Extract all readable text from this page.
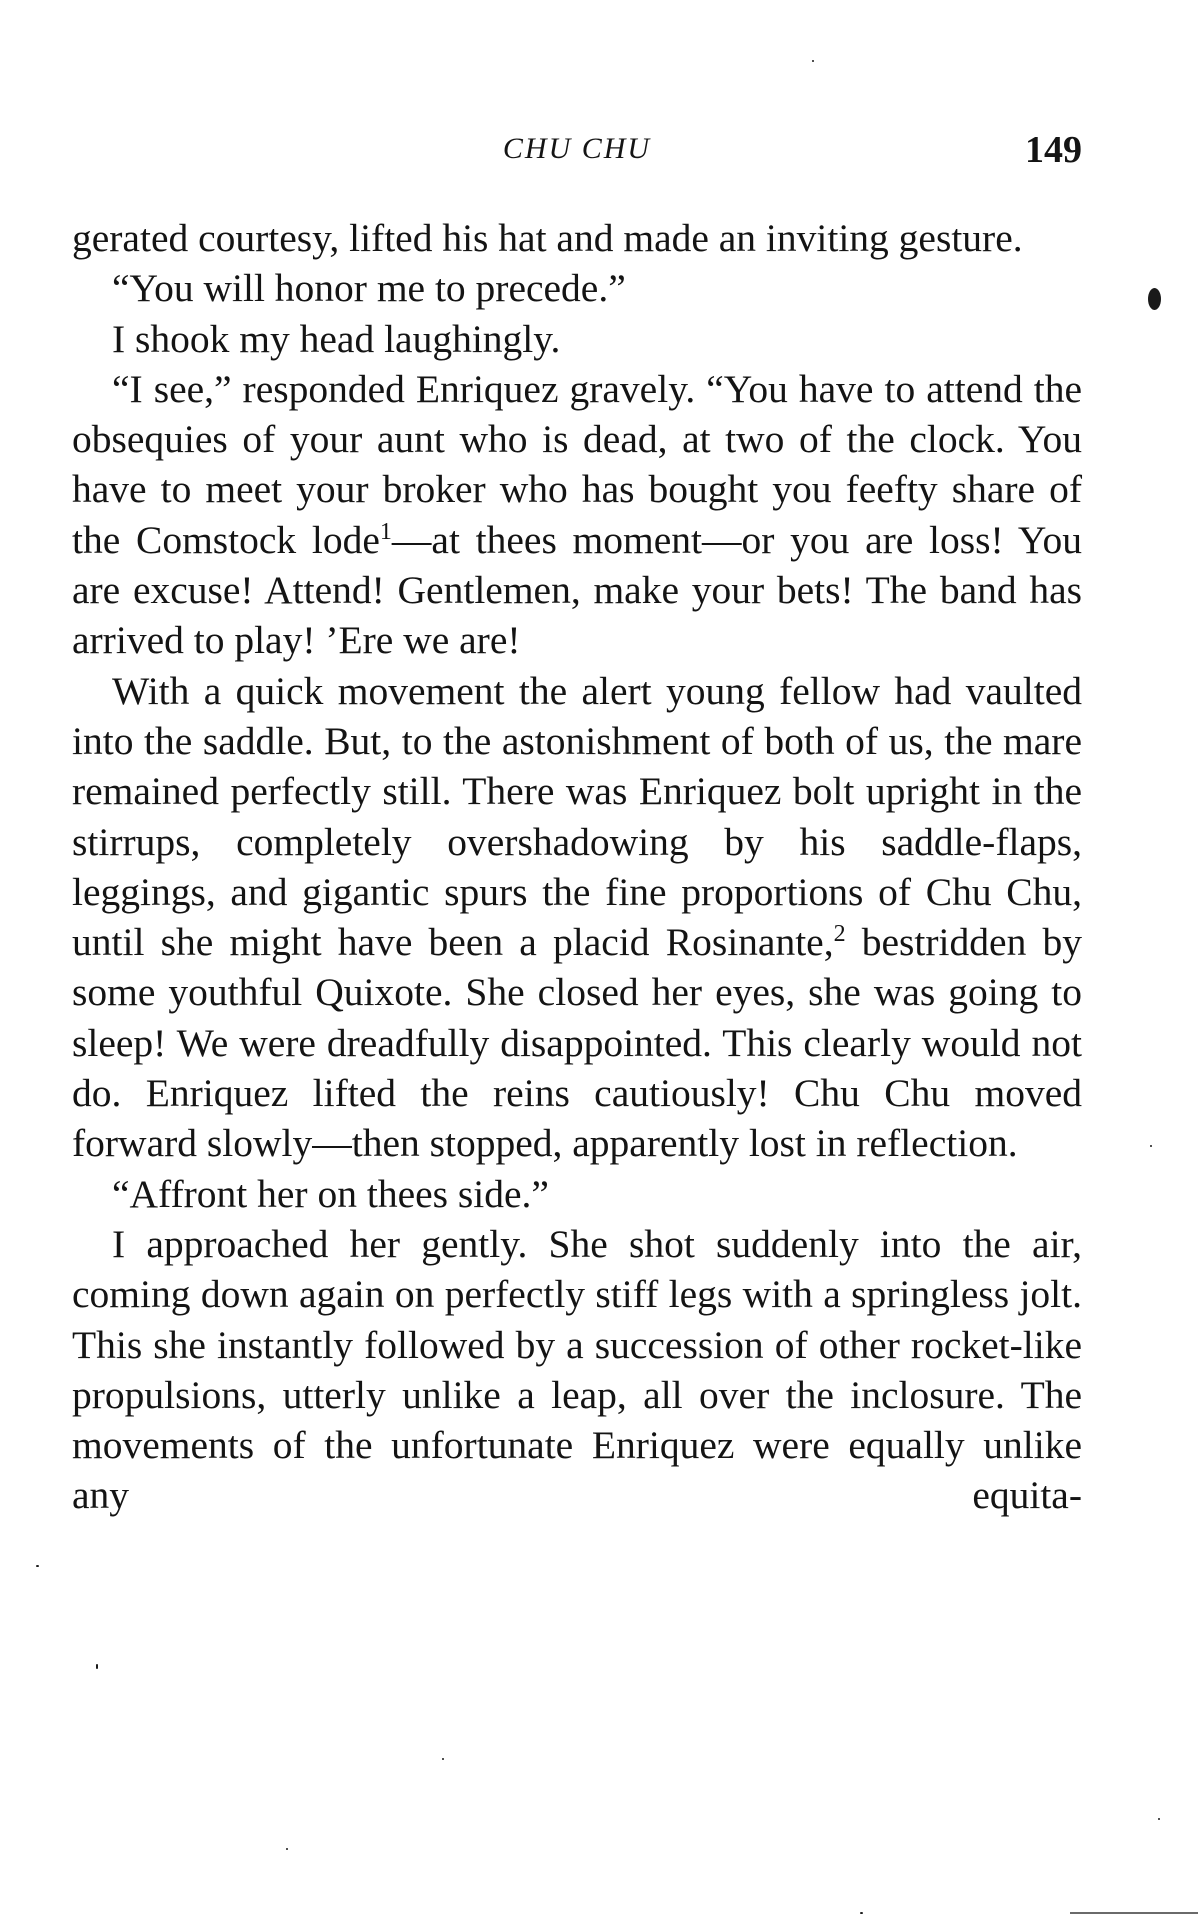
CHU CHU	149

gerated courtesy, lifted his hat and made an inviting gesture.

“You will honor me to precede.”

I shook my head laughingly.

“I see,” responded Enriquez gravely. “You have to attend the obsequies of your aunt who is dead, at two of the clock. You have to meet your broker who has bought you feefty share of the Comstock lode$^1$—at thees moment—or you are loss! You are excuse! Attend! Gentlemen, make your bets! The band has arrived to play! ’Ere we are!

With a quick movement the alert young fellow had vaulted into the saddle. But, to the astonishment of both of us, the mare remained perfectly still. There was Enriquez bolt upright in the stirrups, completely overshadowing by his saddle-flaps, leggings, and gigantic spurs the fine proportions of Chu Chu, until she might have been a placid Rosinante,$^2$ bestridden by some youthful Quixote. She closed her eyes, she was going to sleep! We were dreadfully disappointed. This clearly would not do. Enriquez lifted the reins cautiously! Chu Chu moved forward slowly—then stopped, apparently lost in reflection.

“Affront her on thees side.”

I approached her gently. She shot suddenly into the air, coming down again on perfectly stiff legs with a springless jolt. This she instantly followed by a succession of other rocket-like propulsions, utterly unlike a leap, all over the inclosure. The movements of the unfortunate Enriquez were equally unlike any equita-
